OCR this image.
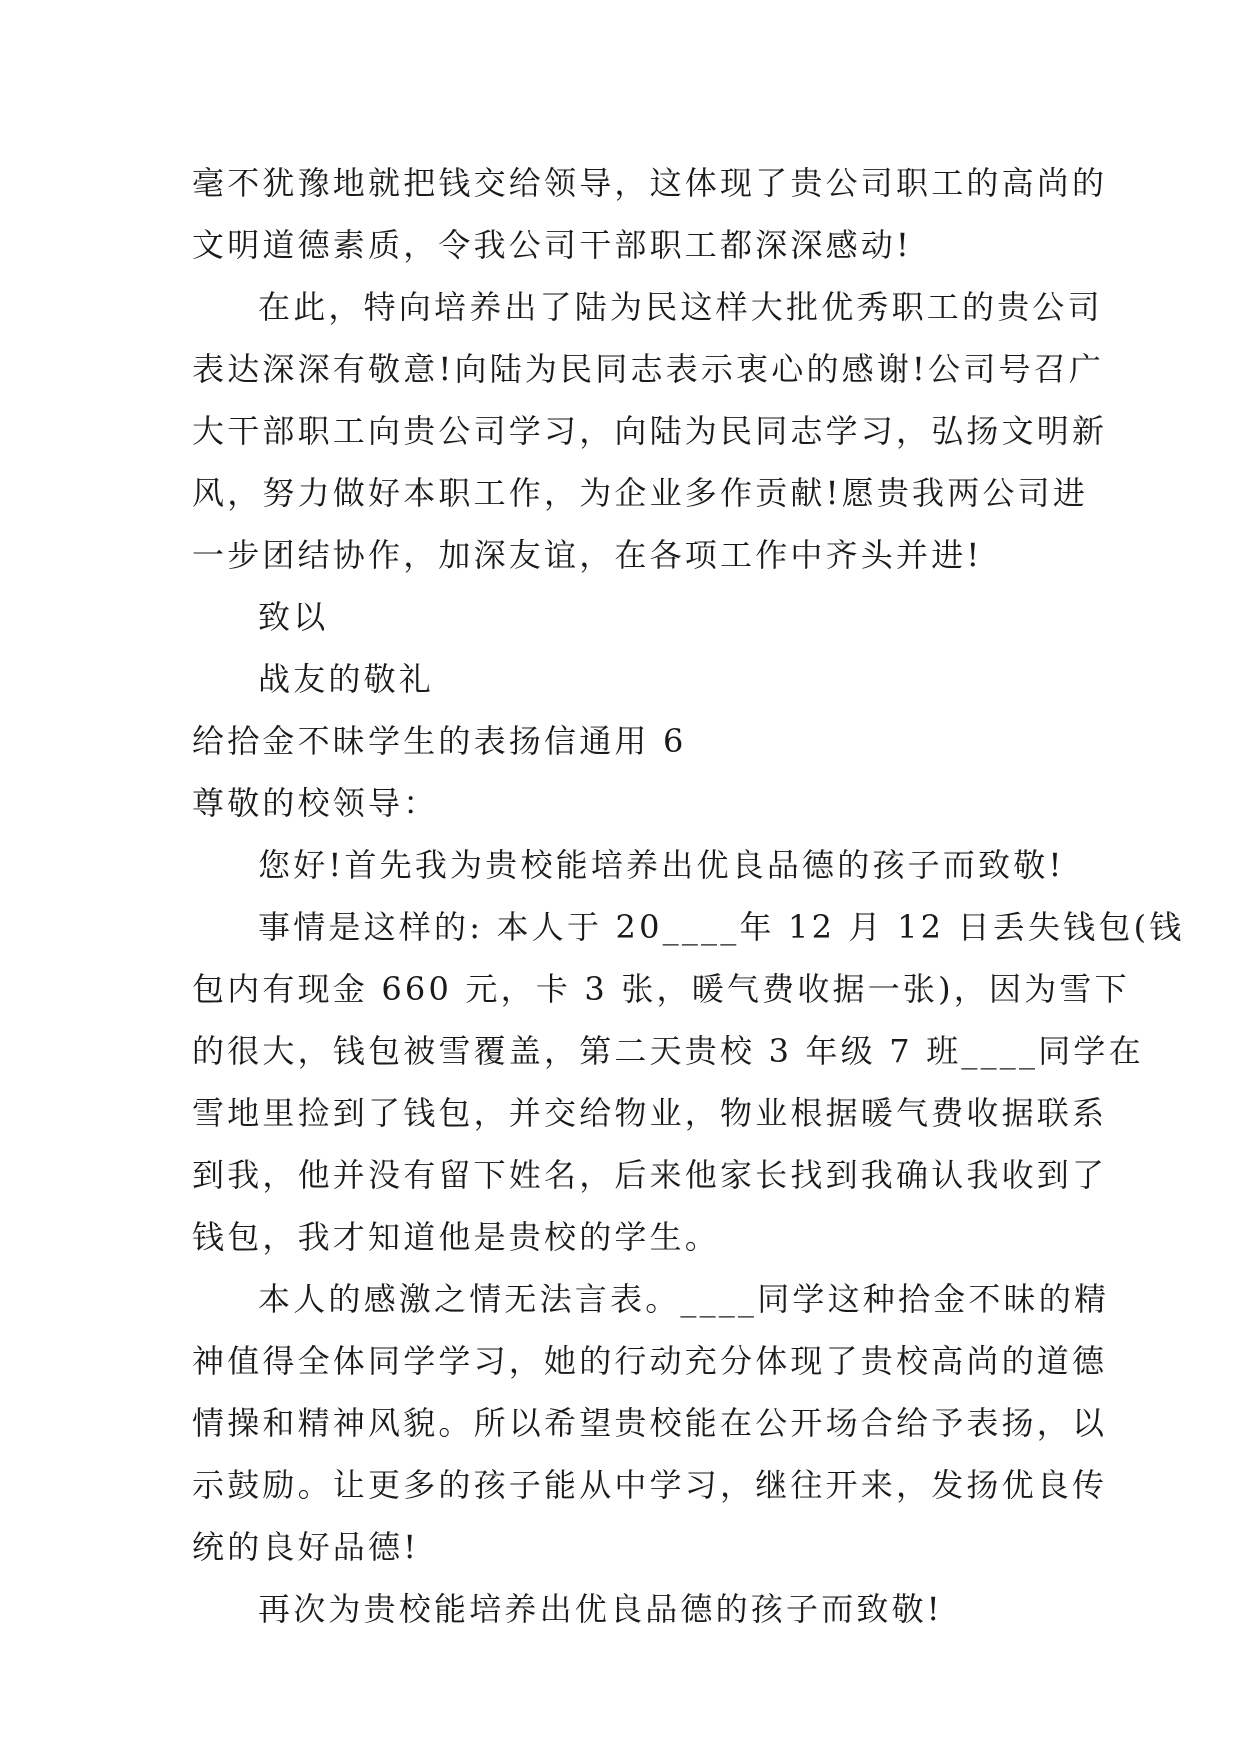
毫不犹豫地就把钱交给领导，这体现了贵公司职工的高尚的
文明道德素质，令我公司干部职工都深深感动!
在此，特向培养出了陆为民这样大批优秀职工的贵公司
表达深深有敬意!向陆为民同志表示衷心的感谢!公司号召广
大干部职工向贵公司学习，向陆为民同志学习，弘扬文明新
风，努力做好本职工作，为企业多作贡献!愿贵我两公司进
一步团结协作，加深友谊，在各项工作中齐头并进!
致以
战友的敬礼
给拾金不昧学生的表扬信通用 6
尊敬的校领导：
您好!首先我为贵校能培养出优良品德的孩子而致敬!
事情是这样的: 本人于 20____年 12 月 12 日丢失钱包(钱
包内有现金 660 元，卡 3 张，暖气费收据一张)，因为雪下
的很大，钱包被雪覆盖，第二天贵校 3 年级 7 班____同学在
雪地里捡到了钱包，并交给物业，物业根据暖气费收据联系
到我，他并没有留下姓名，后来他家长找到我确认我收到了
钱包，我才知道他是贵校的学生。
本人的感激之情无法言表。____同学这种拾金不昧的精
神值得全体同学学习，她的行动充分体现了贵校高尚的道德
情操和精神风貌。所以希望贵校能在公开场合给予表扬，以
示鼓励。让更多的孩子能从中学习，继往开来，发扬优良传
统的良好品德!
再次为贵校能培养出优良品德的孩子而致敬!
